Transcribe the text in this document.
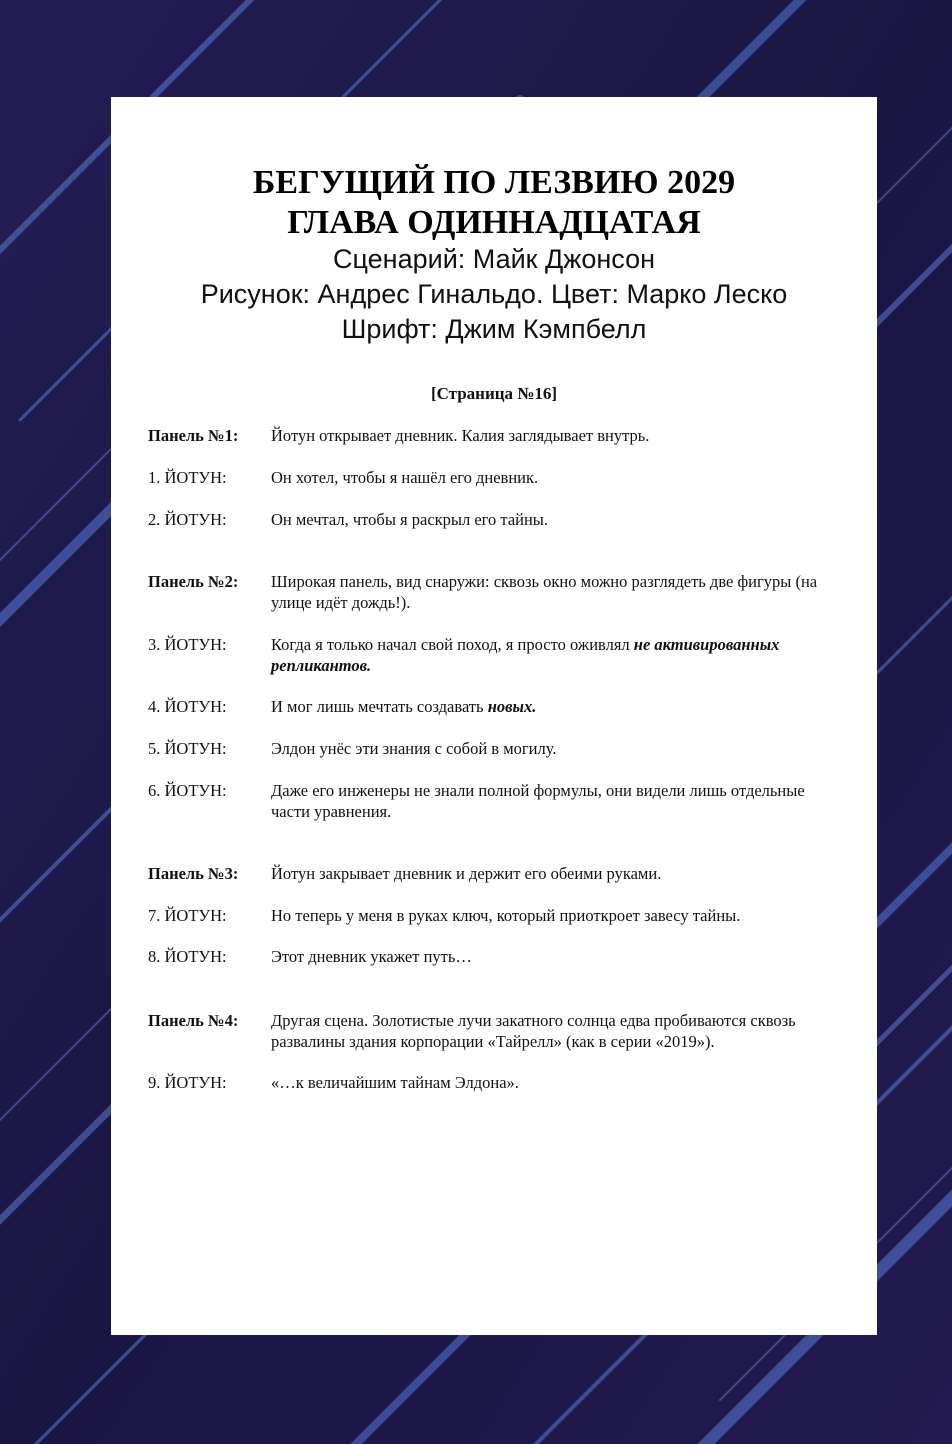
БЕГУЩИЙ ПО ЛЕЗВИЮ 2029
ГЛАВА ОДИННАДЦАТАЯ
Сценарий: Майк Джонсон
Рисунок: Андрес Гинальдо. Цвет: Марко Леско
Шрифт: Джим Кэмпбелл
[Страница №16]
Панель №1:	Йотун открывает дневник. Калия заглядывает внутрь.
1. ЙОТУН:	Он хотел, чтобы я нашёл его дневник.
2. ЙОТУН:	Он мечтал, чтобы я раскрыл его тайны.
Панель №2:	Широкая панель, вид снаружи: сквозь окно можно разглядеть две фигуры (на улице идёт дождь!).
3. ЙОТУН:	Когда я только начал свой поход, я просто оживлял не активированных репликантов.
4. ЙОТУН:	И мог лишь мечтать создавать новых.
5. ЙОТУН:	Элдон унёс эти знания с собой в могилу.
6. ЙОТУН:	Даже его инженеры не знали полной формулы, они видели лишь отдельные части уравнения.
Панель №3:	Йотун закрывает дневник и держит его обеими руками.
7. ЙОТУН:	Но теперь у меня в руках ключ, который приоткроет завесу тайны.
8. ЙОТУН:	Этот дневник укажет путь…
Панель №4:	Другая сцена. Золотистые лучи закатного солнца едва пробиваются сквозь развалины здания корпорации «Тайрелл» (как в серии «2019»).
9. ЙОТУН:	«…к величайшим тайнам Элдона».
